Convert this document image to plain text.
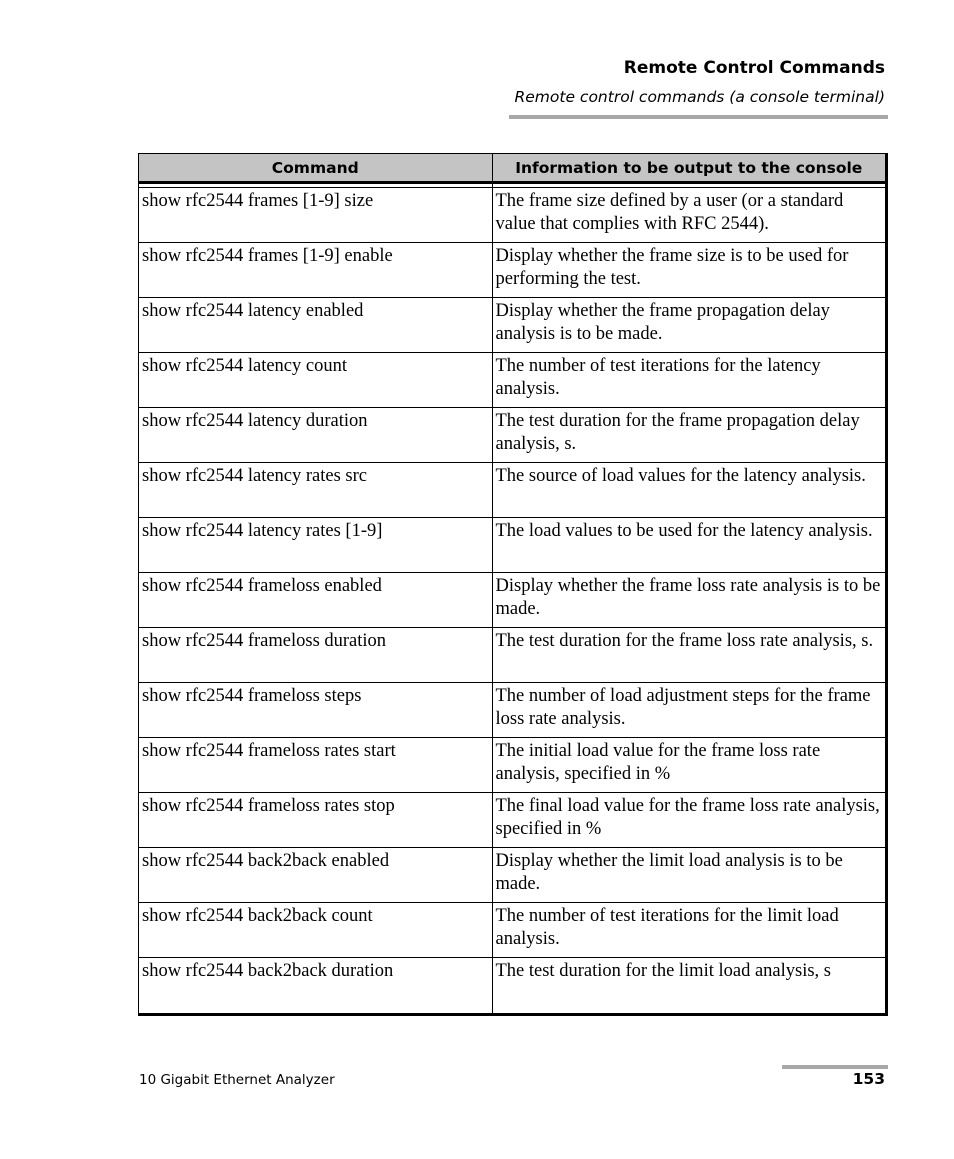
Remote Control Commands
Remote control commands (a console terminal)
Command	Information to be output to the console

show rfc2544 frames [1-9] size	The frame size defined by a user (or a standard value that complies with RFC 2544).
show rfc2544 frames [1-9] enable	Display whether the frame size is to be used for performing the test.
show rfc2544 latency enabled	Display whether the frame propagation delay analysis is to be made.
show rfc2544 latency count	The number of test iterations for the latency analysis.
show rfc2544 latency duration	The test duration for the frame propagation delay analysis, s.
show rfc2544 latency rates src	The source of load values for the latency analysis.
show rfc2544 latency rates [1-9]	The load values to be used for the latency analysis.
show rfc2544 frameloss enabled	Display whether the frame loss rate analysis is to be made.
show rfc2544 frameloss duration	The test duration for the frame loss rate analysis, s.
show rfc2544 frameloss steps	The number of load adjustment steps for the frame loss rate analysis.
show rfc2544 frameloss rates start	The initial load value for the frame loss rate analysis, specified in %
show rfc2544 frameloss rates stop	The final load value for the frame loss rate analysis, specified in %
show rfc2544 back2back enabled	Display whether the limit load analysis is to be made.
show rfc2544 back2back count	The number of test iterations for the limit load analysis.
show rfc2544 back2back duration	The test duration for the limit load analysis, s
10 Gigabit Ethernet Analyzer	153
